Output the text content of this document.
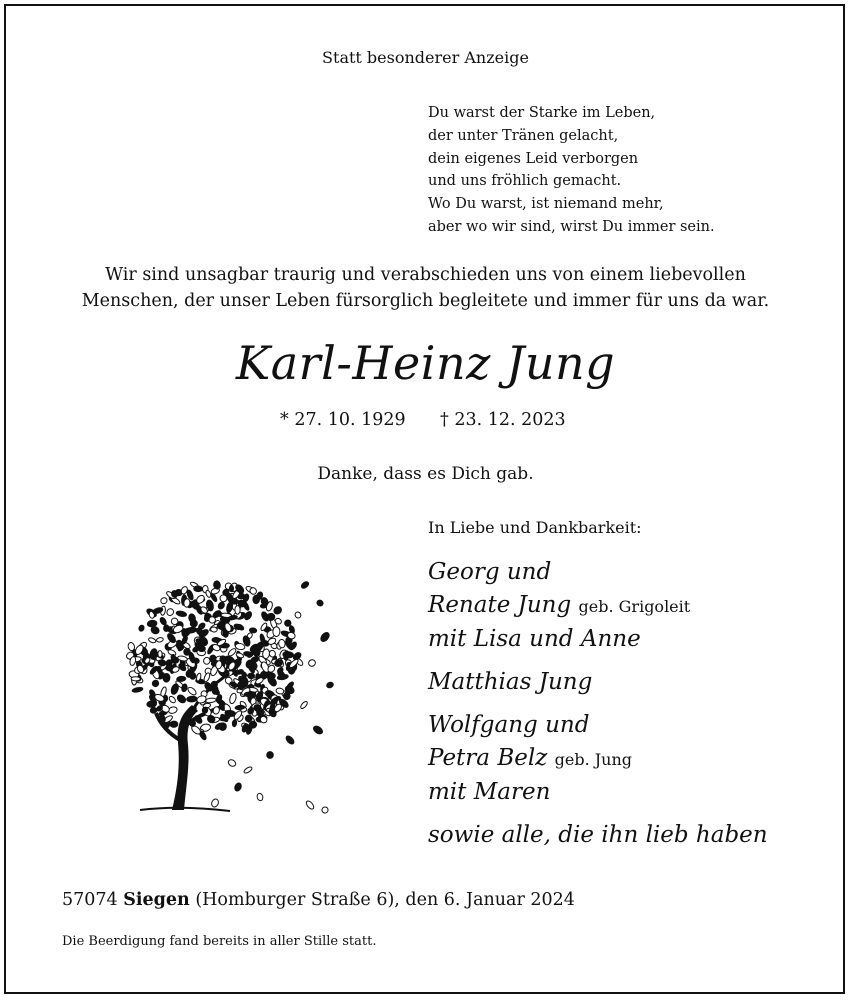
Statt besonderer Anzeige
Du warst der Starke im Leben,
der unter Tränen gelacht,
dein eigenes Leid verborgen
und uns fröhlich gemacht.
Wo Du warst, ist niemand mehr,
aber wo wir sind, wirst Du immer sein.
Wir sind unsagbar traurig und verabschieden uns von einem liebevollen
Menschen, der unser Leben fürsorglich begleitete und immer für uns da war.
Karl-Heinz Jung
* 27. 10. 1929 † 23. 12. 2023
Danke, dass es Dich gab.
In Liebe und Dankbarkeit:
Georg und
Renate Jung geb. Grigoleit
mit Lisa und Anne
Matthias Jung
Wolfgang und
Petra Belz geb. Jung
mit Maren
sowie alle, die ihn lieb haben
57074 Siegen (Homburger Straße 6), den 6. Januar 2024
Die Beerdigung fand bereits in aller Stille statt.
